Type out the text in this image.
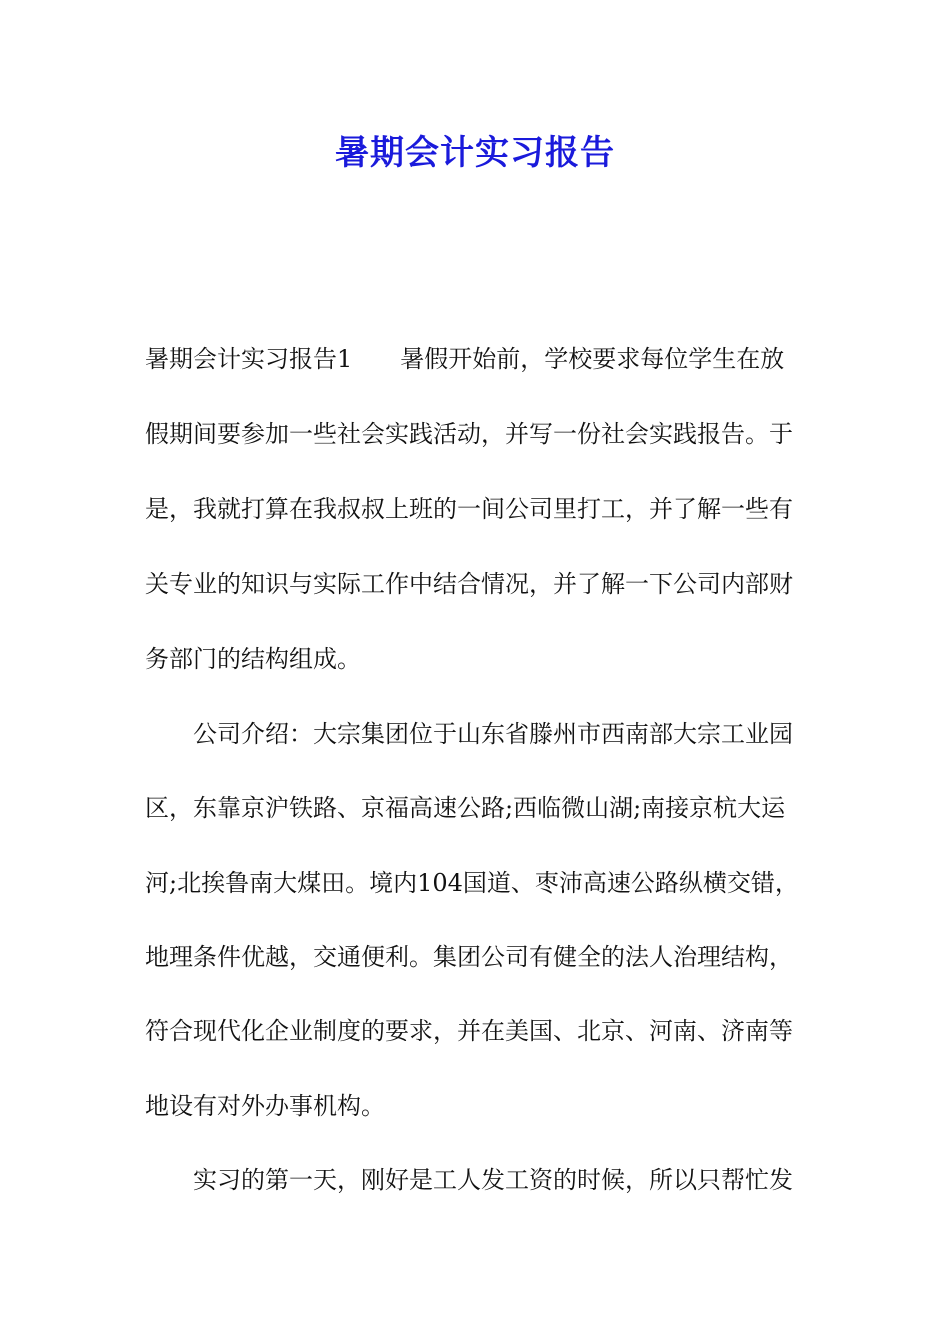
暑期会计实习报告
暑期会计实习报告1　　暑假开始前，学校要求每位学生在放
假期间要参加一些社会实践活动，并写一份社会实践报告。于
是，我就打算在我叔叔上班的一间公司里打工，并了解一些有
关专业的知识与实际工作中结合情况，并了解一下公司内部财
务部门的结构组成。
　　公司介绍：大宗集团位于山东省滕州市西南部大宗工业园
区，东靠京沪铁路、京福高速公路;西临微山湖;南接京杭大运
河;北挨鲁南大煤田。境内104国道、枣沛高速公路纵横交错，
地理条件优越，交通便利。集团公司有健全的法人治理结构，
符合现代化企业制度的要求，并在美国、北京、河南、济南等
地设有对外办事机构。
　　实习的第一天，刚好是工人发工资的时候，所以只帮忙发
